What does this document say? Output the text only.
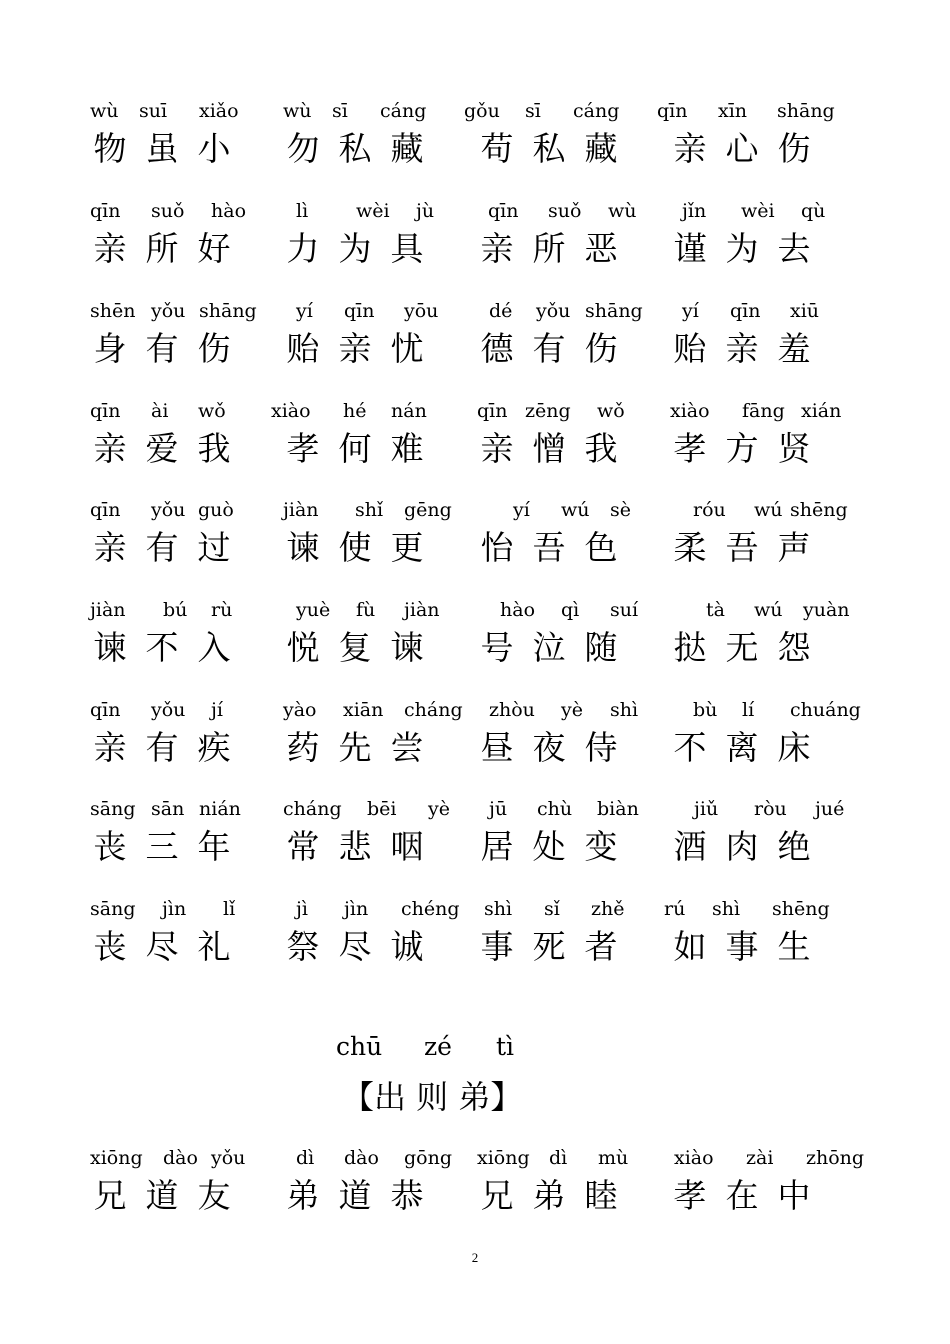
wù suī xiǎo
物 虽 小
wù sī cáng
勿 私 藏
gǒu sī cáng
苟 私 藏
qīn xīn shāng
亲 心 伤
qīn suǒ hào
亲 所 好
lì	wèi jù
力 为 具
qīn suǒ wù
亲 所 恶
jǐn wèi qù
谨 为 去
shēn yǒu shāng
身 有 伤
yí qīn yōu
贻 亲 忧
dé yǒu shāng
德 有 伤
yí qīn xiū
贻 亲 羞
qīn ài wǒ
亲 爱 我
xiào hé nán
孝 何 难
qīn zēng wǒ
亲 憎 我
xiào fāng xián
孝 方 贤
qīn yǒu guò
亲 有 过
jiàn shǐ gēng
谏 使 更
yí wú sè
怡 吾 色
róu wú shēng
柔 吾 声
jiàn bú rù
谏 不 入
yuè fù jiàn
悦 复 谏
hào qì suí
号 泣 随
tà wú yuàn
挞 无 怨
qīn yǒu jí
亲 有 疾
yào xiān cháng
药 先 尝
zhòu yè shì
昼 夜 侍
bù lí chuáng
不 离 床
sāng sān nián
丧 三 年
cháng bēi yè
常 悲 咽
jū chù biàn
居 处 变
jiǔ ròu jué
酒 肉 绝
sāng jìn lǐ
丧 尽 礼
jì jìn chéng
祭 尽 诚
shì sǐ zhě
事 死 者
rú shì shēng
如 事 生
chū zé tì
【出 则 弟】
xiōng dào yǒu
兄 道 友
dì dào gōng
弟 道 恭
xiōng dì mù
兄 弟 睦
xiào zài zhōng
孝 在 中
2
